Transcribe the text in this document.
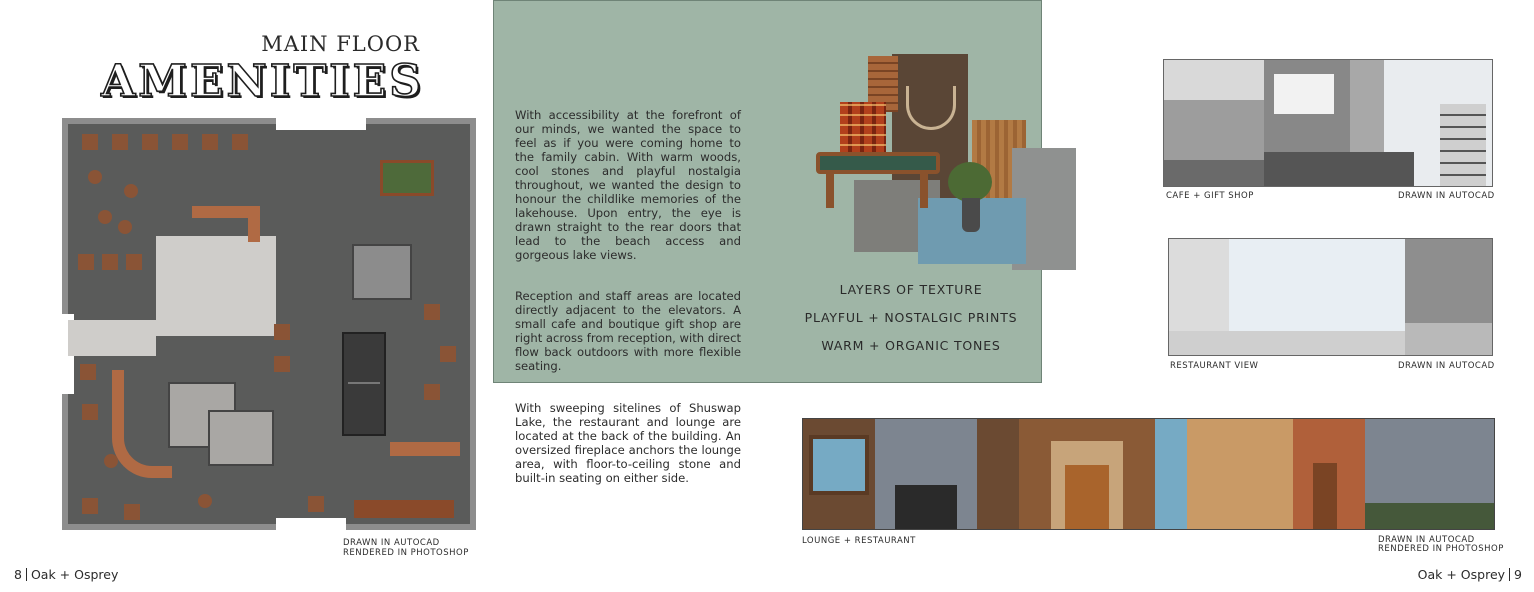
MAIN FLOOR
AMENITIES
DRAWN IN AUTOCAD
RENDERED IN PHOTOSHOP

With accessibility at the forefront of our minds, we wanted the space to feel as if you were coming home to the family cabin. With warm woods, cool stones and playful nostalgia throughout, we wanted the design to honour the childlike memories of the lakehouse. Upon entry, the eye is drawn straight to the rear doors that lead to the beach access and gorgeous lake views.

Reception and staff areas are located directly adjacent to the elevators. A small cafe and boutique gift shop are right across from reception, with direct flow back outdoors with more flexible seating.

With sweeping sitelines of Shuswap Lake, the restaurant and lounge are located at the back of the building. An oversized fireplace anchors the lounge area, with floor-to-ceiling stone and built-in seating on either side.

LAYERS OF TEXTURE
PLAYFUL + NOSTALGIC PRINTS
WARM + ORGANIC TONES
CAFE + GIFT SHOP	DRAWN IN AUTOCAD
RESTAURANT VIEW	DRAWN IN AUTOCAD
LOUNGE + RESTAURANT	DRAWN IN AUTOCAD
RENDERED IN PHOTOSHOP
8 Oak + Osprey	Oak + Osprey 9
